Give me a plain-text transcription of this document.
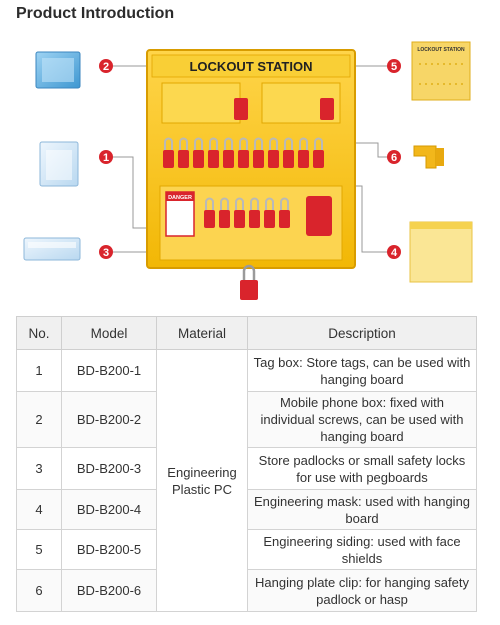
Product Introduction
LOCKOUT STATION
DANGER
LOCKOUT STATION
2
1
3
5
6
4
No.	Model	Material	Description
1	BD-B200-1	Engineering Plastic PC	Tag box: Store tags, can be used with hanging board
2	BD-B200-2		Mobile phone box: fixed with individual screws, can be used with hanging board
3	BD-B200-3		Store padlocks or small safety locks for use with pegboards
4	BD-B200-4		Engineering mask: used with hanging board
5	BD-B200-5		Engineering siding: used with face shields
6	BD-B200-6		Hanging plate clip: for hanging safety padlock or hasp
